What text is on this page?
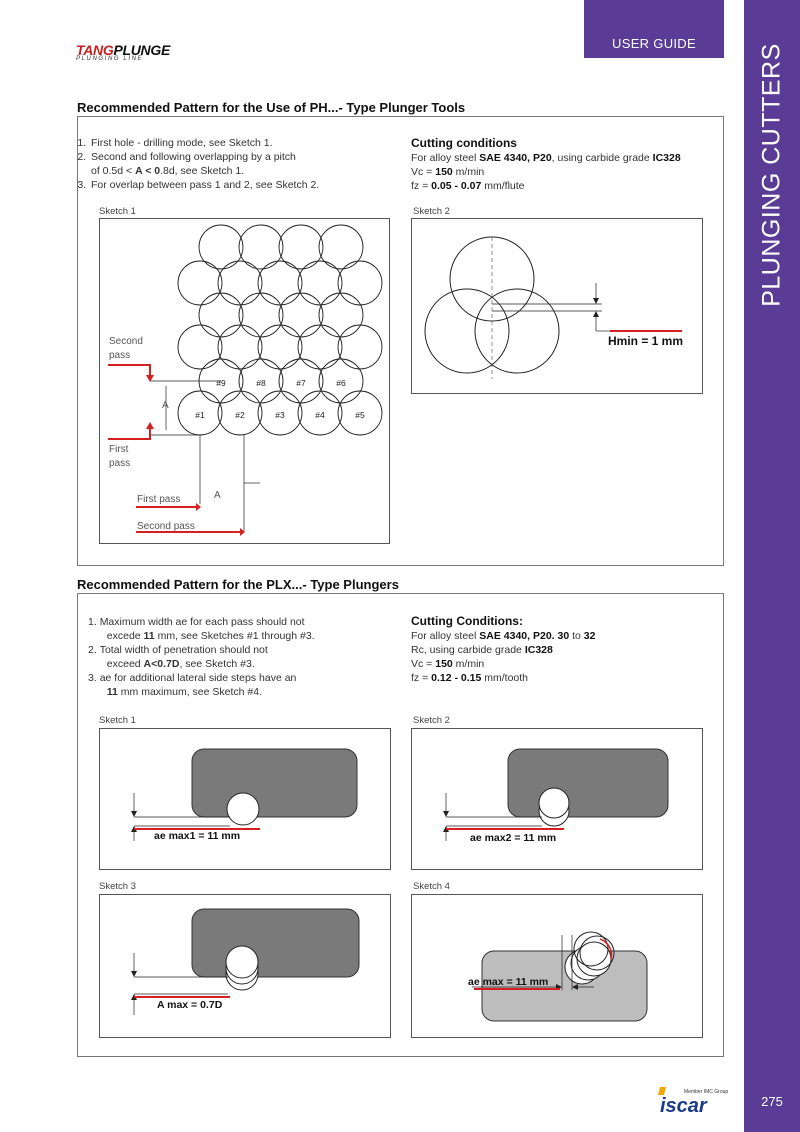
USER GUIDE	PLUNGING CUTTERS
TANGPLUNGE
PLUNGING LINE
Recommended Pattern for the Use of PH...- Type Plunger Tools
1. First hole - drilling mode, see Sketch 1.
2. Second and following overlapping by a pitch
of 0.5d < A < 0.8d, see Sketch 1.
3. For overlap between pass 1 and 2, see Sketch 2.
Cutting conditions
For alloy steel SAE 4340, P20, using carbide grade IC328
Vc = 150 m/min
fz = 0.05 - 0.07 mm/flute
Sketch 1	Sketch 2
Second
pass
First
pass
A
A
First pass
Second pass
#9	#8	#7	#6
#1	#2	#3	#4	#5
Hmin = 1 mm
Recommended Pattern for the PLX...- Type Plungers
1. Maximum width ae for each pass should not
excede 11 mm, see Sketches #1 through #3.
2. Total width of penetration should not
exceed A<0.7D, see Sketch #3.
3. ae for additional lateral side steps have an
11 mm maximum, see Sketch #4.
Cutting Conditions:
For alloy steel SAE 4340, P20. 30 to 32
Rc, using carbide grade IC328
Vc = 150 m/min
fz = 0.12 - 0.15 mm/tooth
Sketch 1	Sketch 2
Sketch 3	Sketch 4
ae max1 = 11 mm	ae max2 = 11 mm
A max = 0.7D
ae max = 11 mm
Member IMC Group
iscar	275
